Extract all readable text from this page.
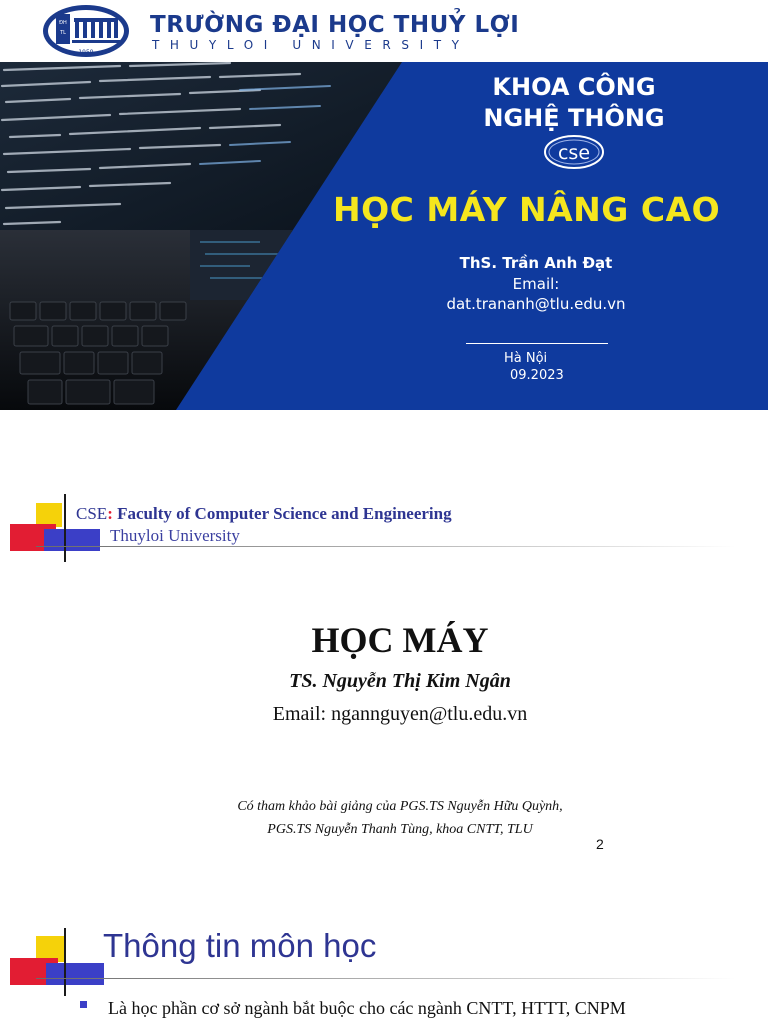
ĐH
TL
1959
TRƯỜNG ĐẠI HỌC THUỶ LỢI
THUYLOI UNIVERSITY
KHOA CÔNG
NGHỆ THÔNG
cse
HỌC MÁY NÂNG CAO
ThS. Trần Anh Đạt
Email:
dat.trananh@tlu.edu.vn
Hà Nội
09.2023
CSE: Faculty of Computer Science and Engineering
Thuyloi University
HỌC MÁY
TS. Nguyễn Thị Kim Ngân
Email: ngannguyen@tlu.edu.vn
Có tham khảo bài giảng của PGS.TS Nguyễn Hữu Quỳnh,
PGS.TS Nguyễn Thanh Tùng, khoa CNTT, TLU
2
Thông tin môn học
Là học phần cơ sở ngành bắt buộc cho các ngành CNTT, HTTT, CNPM
